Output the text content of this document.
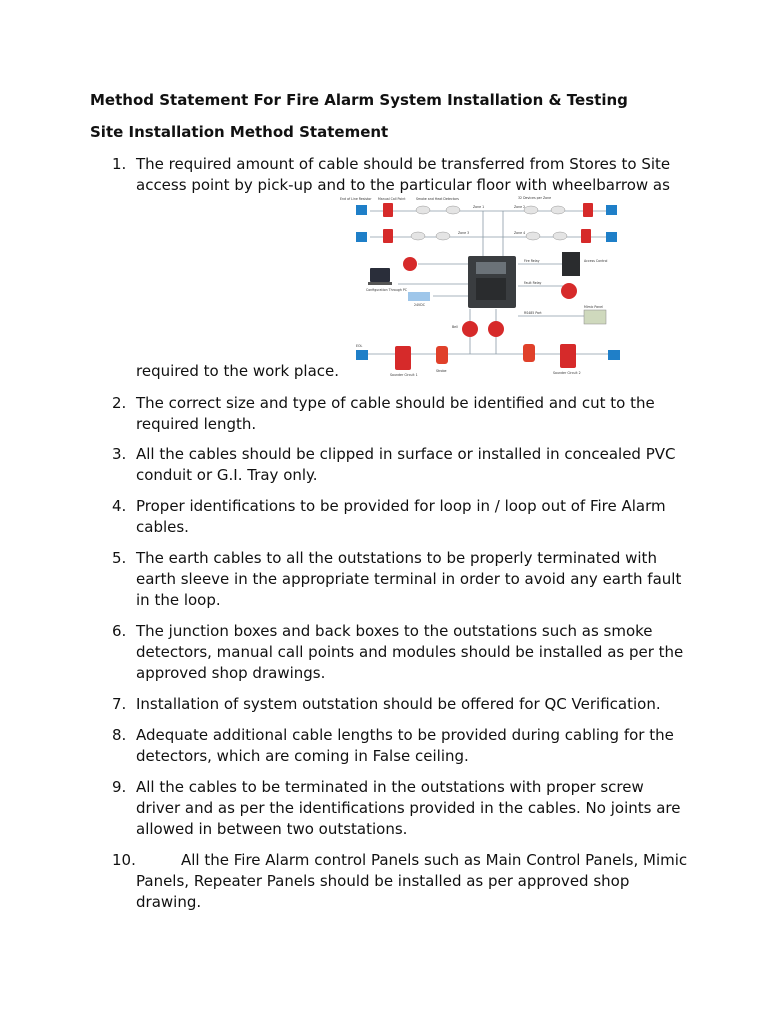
Method Statement For Fire Alarm System Installation & Testing
Site Installation Method Statement
1. The required amount of cable should be transferred from Stores to Site access point by pick-up and to the particular floor with wheelbarrow as
required to the work place.
2. The correct size and type of cable should be identified and cut to the required length.
3. All the cables should be clipped in surface or installed in concealed PVC conduit or G.I. Tray only.
4. Proper identifications to be provided for loop in / loop out of Fire Alarm cables.
5. The earth cables to all the outstations to be properly terminated with earth sleeve in the appropriate terminal in order to avoid any earth fault in the loop.
6. The junction boxes and back boxes to the outstations such as smoke detectors, manual call points and modules should be installed as per the approved shop drawings.
7. Installation of system outstation should be offered for QC Verification.
8. Adequate additional cable lengths to be provided during cabling for the detectors, which are coming in False ceiling.
9. All the cables to be terminated in the outstations with proper screw driver and as per the identifications provided in the cables. No joints are allowed in between two outstations.
10.	All the Fire Alarm control Panels such as Main Control Panels, Mimic Panels, Repeater Panels should be installed as per approved shop drawing.
End of Line Resistor Manual Call Point	Smoke and Heat Detectors
Zone 1	Zone 2
Zone 3	Zone 4
32 Devices per Zone
Fire Relay	Access Control
Fault Relay
Configuration Through PC
24VDC
RS485 Port
Mimic Panel
Bell
Sounder Circuit 1
Strobe	Sounder Circuit 2
EOL
